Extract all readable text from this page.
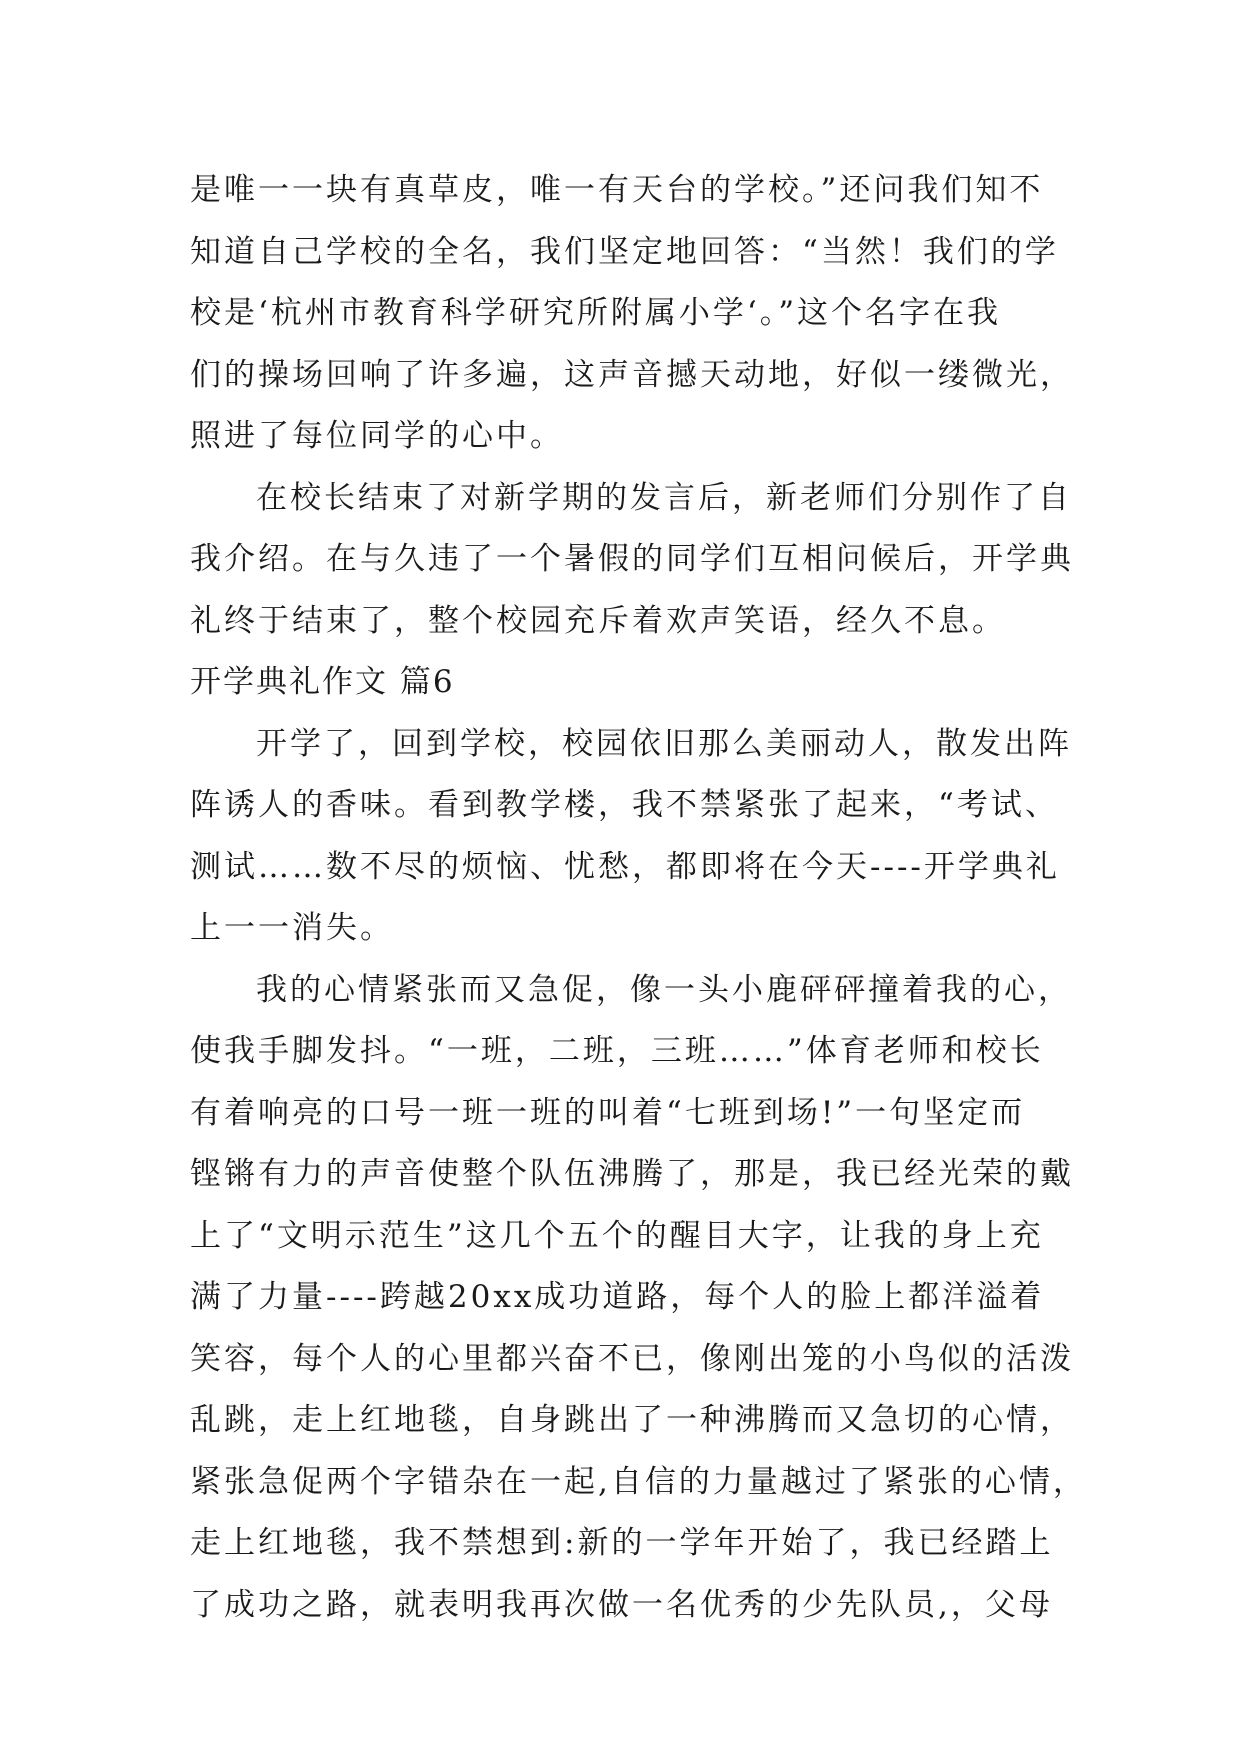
是唯一一块有真草皮，唯一有天台的学校。”还问我们知不
知道自己学校的全名，我们坚定地回答：“当然！我们的学
校是‘杭州市教育科学研究所附属小学‘。”这个名字在我
们的操场回响了许多遍，这声音撼天动地，好似一缕微光，
照进了每位同学的心中。
在校长结束了对新学期的发言后，新老师们分别作了自
我介绍。在与久违了一个暑假的同学们互相问候后，开学典
礼终于结束了，整个校园充斥着欢声笑语，经久不息。
开学典礼作文 篇6
开学了，回到学校，校园依旧那么美丽动人，散发出阵
阵诱人的香味。看到教学楼，我不禁紧张了起来，“考试、
测试……数不尽的烦恼、忧愁，都即将在今天----开学典礼
上一一消失。
我的心情紧张而又急促，像一头小鹿砰砰撞着我的心，
使我手脚发抖。“一班，二班，三班……”体育老师和校长
有着响亮的口号一班一班的叫着“七班到场!”一句坚定而
铿锵有力的声音使整个队伍沸腾了，那是，我已经光荣的戴
上了“文明示范生”这几个五个的醒目大字，让我的身上充
满了力量----跨越20xx成功道路，每个人的脸上都洋溢着
笑容，每个人的心里都兴奋不已，像刚出笼的小鸟似的活泼
乱跳，走上红地毯，自身跳出了一种沸腾而又急切的心情，
紧张急促两个字错杂在一起,自信的力量越过了紧张的心情，
走上红地毯，我不禁想到:新的一学年开始了，我已经踏上
了成功之路，就表明我再次做一名优秀的少先队员,，父母
